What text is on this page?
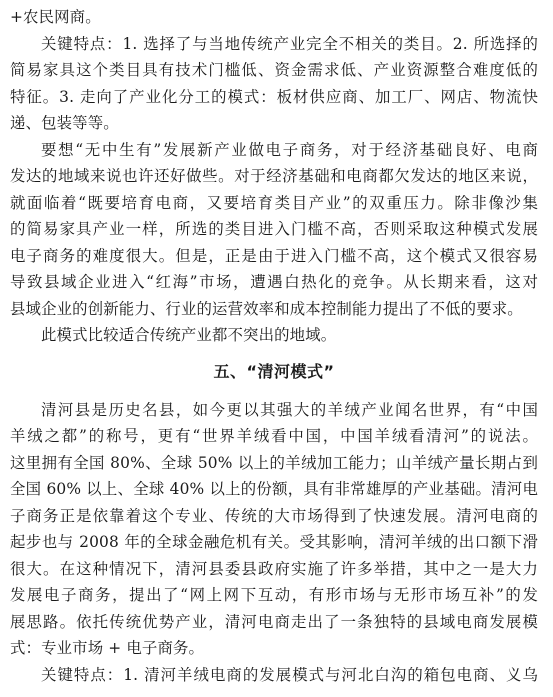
+农民网商。
关键特点：1. 选择了与当地传统产业完全不相关的类目。2. 所选择的
简易家具这个类目具有技术门槛低、资金需求低、产业资源整合难度低的
特征。3. 走向了产业化分工的模式：板材供应商、加工厂、网店、物流快
递、包装等等。
要想“无中生有”发展新产业做电子商务，对于经济基础良好、电商
发达的地域来说也许还好做些。对于经济基础和电商都欠发达的地区来说，
就面临着“既要培育电商，又要培育类目产业”的双重压力。除非像沙集
的简易家具产业一样，所选的类目进入门槛不高，否则采取这种模式发展
电子商务的难度很大。但是，正是由于进入门槛不高，这个模式又很容易
导致县域企业进入“红海”市场，遭遇白热化的竞争。从长期来看，这对
县域企业的创新能力、行业的运营效率和成本控制能力提出了不低的要求。
此模式比较适合传统产业都不突出的地域。
五、“清河模式”
清河县是历史名县，如今更以其强大的羊绒产业闻名世界，有“中国
羊绒之都”的称号，更有“世界羊绒看中国，中国羊绒看清河”的说法。
这里拥有全国 80%、全球 50% 以上的羊绒加工能力；山羊绒产量长期占到
全国 60% 以上、全球 40% 以上的份额，具有非常雄厚的产业基础。清河电
子商务正是依靠着这个专业、传统的大市场得到了快速发展。清河电商的
起步也与 2008 年的全球金融危机有关。受其影响，清河羊绒的出口额下滑
很大。在这种情况下，清河县委县政府实施了许多举措，其中之一是大力
发展电子商务，提出了“网上网下互动，有形市场与无形市场互补”的发
展思路。依托传统优势产业，清河电商走出了一条独特的县域电商发展模
式：专业市场 + 电子商务。
关键特点：1. 清河羊绒电商的发展模式与河北白沟的箱包电商、义乌
